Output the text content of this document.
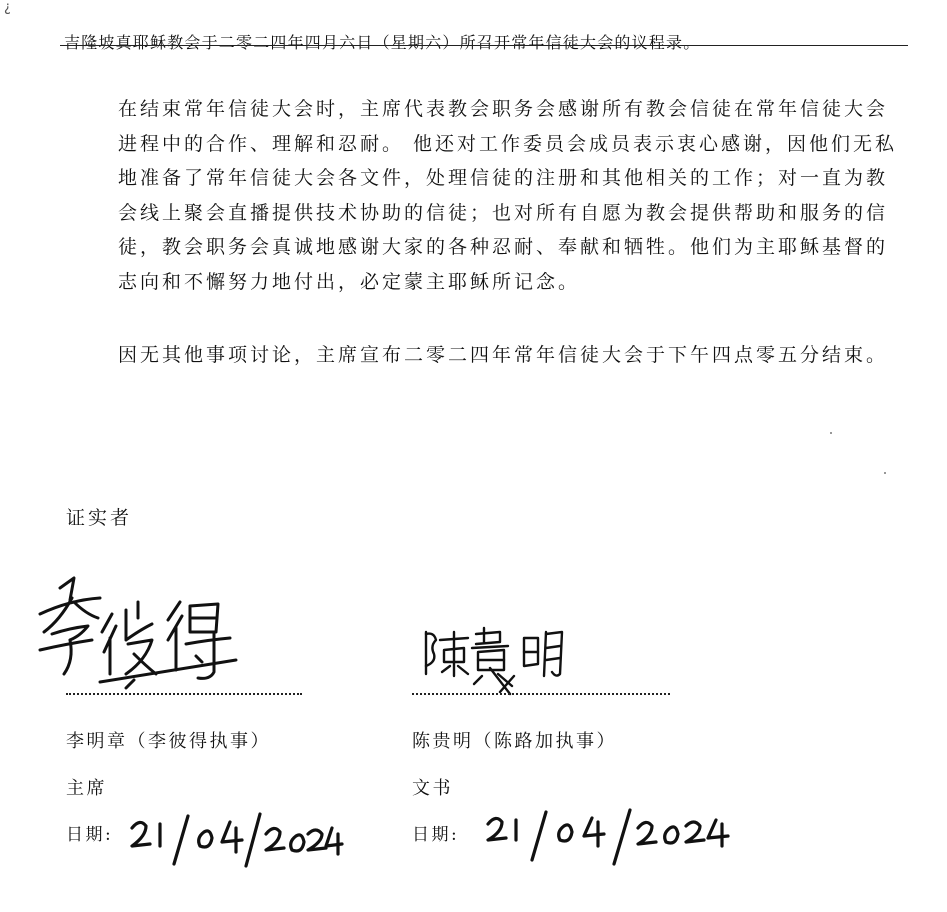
¿
吉隆坡真耶稣教会于二零二四年四月六日（星期六）所召开常年信徒大会的议程录。

在结束常年信徒大会时，主席代表教会职务会感谢所有教会信徒在常年信徒大会进程中的合作、理解和忍耐。 他还对工作委员会成员表示衷心感谢，因他们无私地准备了常年信徒大会各文件，处理信徒的注册和其他相关的工作；对一直为教会线上聚会直播提供技术协助的信徒；也对所有自愿为教会提供帮助和服务的信徒，教会职务会真诚地感谢大家的各种忍耐、奉献和牺牲。他们为主耶稣基督的志向和不懈努力地付出，必定蒙主耶稣所记念。

因无其他事项讨论，主席宣布二零二四年常年信徒大会于下午四点零五分结束。

证实者
李明章（李彼得执事）
主席
日期:
陈贵明（陈路加执事）
文书
日期:
